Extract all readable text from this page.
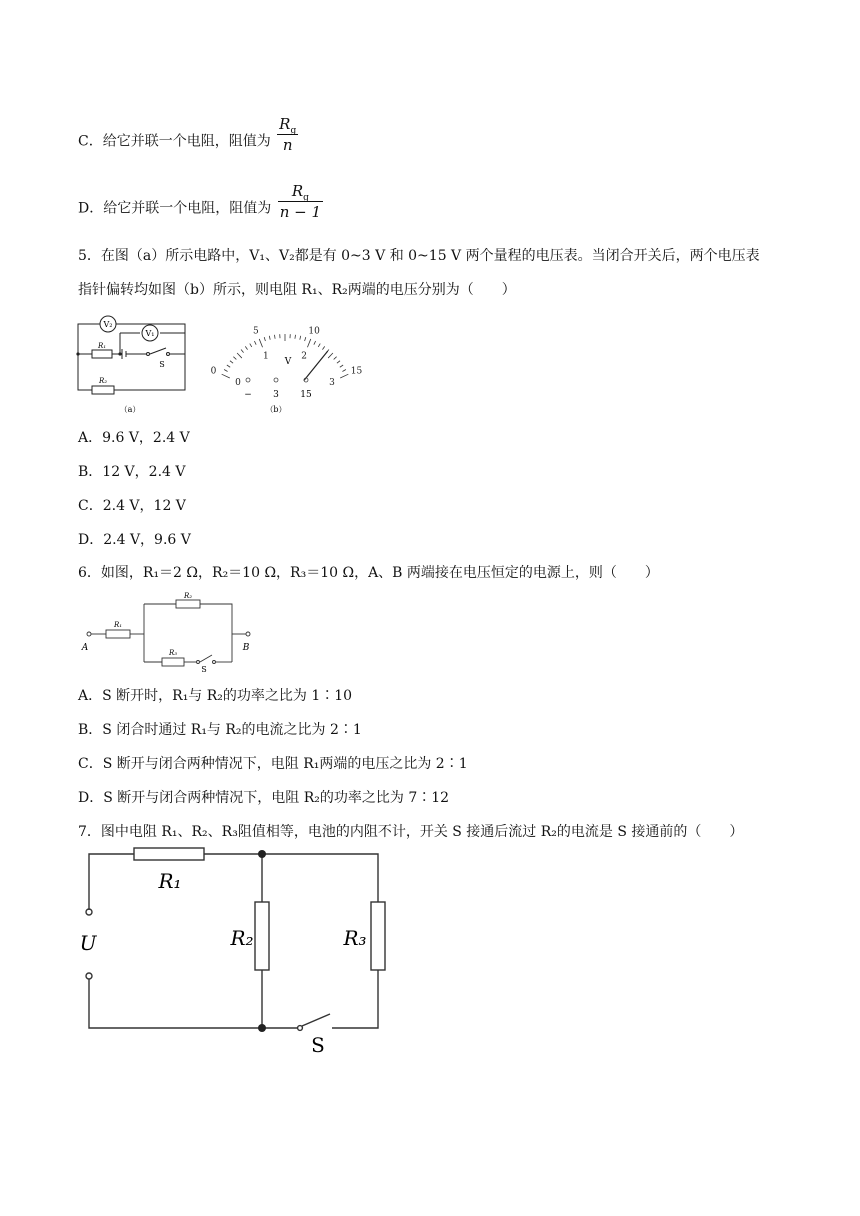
C．给它并联一个电阻，阻值为 $\frac{R_g}{n}$
D．给它并联一个电阻，阻值为 $\frac{R_g}{n - 1}$
5．在图（a）所示电路中，V₁、V₂都是有 0~3 V 和 0~15 V 两个量程的电压表。当闭合开关后，两个电压表
指针偏转均如图（b）所示，则电阻 R₁、R₂两端的电压分别为（　　）
V₂
V₁
R₁
R₂
S
（a）
0
5	10
15
0
1	2
3
V
− 3 15
（b）
A．9.6 V，2.4 V
B．12 V，2.4 V
C．2.4 V，12 V
D．2.4 V，9.6 V
6．如图，R₁＝2 Ω，R₂＝10 Ω，R₃＝10 Ω，A、B 两端接在电压恒定的电源上，则（　　）
R₁
R₂
R₃
S
A	B
A．S 断开时，R₁与 R₂的功率之比为 1∶10
B．S 闭合时通过 R₁与 R₂的电流之比为 2∶1
C．S 断开与闭合两种情况下，电阻 R₁两端的电压之比为 2∶1
D．S 断开与闭合两种情况下，电阻 R₂的功率之比为 7∶12
7．图中电阻 R₁、R₂、R₃阻值相等，电池的内阻不计，开关 S 接通后流过 R₂的电流是 S 接通前的（　　）
R₁
R₂	R₃
U
S
